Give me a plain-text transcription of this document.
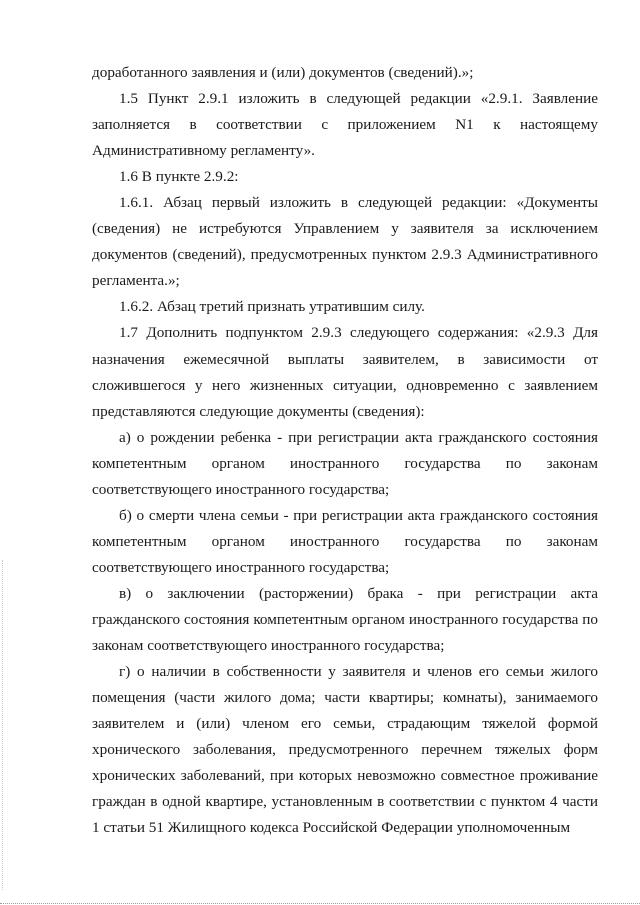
доработанного заявления и (или) документов (сведений).»;

1.5 Пункт 2.9.1 изложить в следующей редакции «2.9.1. Заявление заполняется в соответствии с приложением N1 к настоящему Административному регламенту».

1.6 В пункте 2.9.2:

1.6.1. Абзац первый изложить в следующей редакции: «Документы (сведения) не истребуются Управлением у заявителя за исключением документов (сведений), предусмотренных пунктом 2.9.3 Административного регламента.»;

1.6.2. Абзац третий признать утратившим силу.

1.7 Дополнить подпунктом 2.9.3 следующего содержания: «2.9.3 Для назначения ежемесячной выплаты заявителем, в зависимости от сложившегося у него жизненных ситуации, одновременно с заявлением представляются следующие документы (сведения):

а) о рождении ребенка - при регистрации акта гражданского состояния компетентным органом иностранного государства по законам соответствующего иностранного государства;

б) о смерти члена семьи - при регистрации акта гражданского состояния компетентным органом иностранного государства по законам соответствующего иностранного государства;

в) о заключении (расторжении) брака - при регистрации акта гражданского состояния компетентным органом иностранного государства по законам соответствующего иностранного государства;

г) о наличии в собственности у заявителя и членов его семьи жилого помещения (части жилого дома; части квартиры; комнаты), занимаемого заявителем и (или) членом его семьи, страдающим тяжелой формой хронического заболевания, предусмотренного перечнем тяжелых форм хронических заболеваний, при которых невозможно совместное проживание граждан в одной квартире, установленным в соответствии с пунктом 4 части 1 статьи 51 Жилищного кодекса Российской Федерации уполномоченным
